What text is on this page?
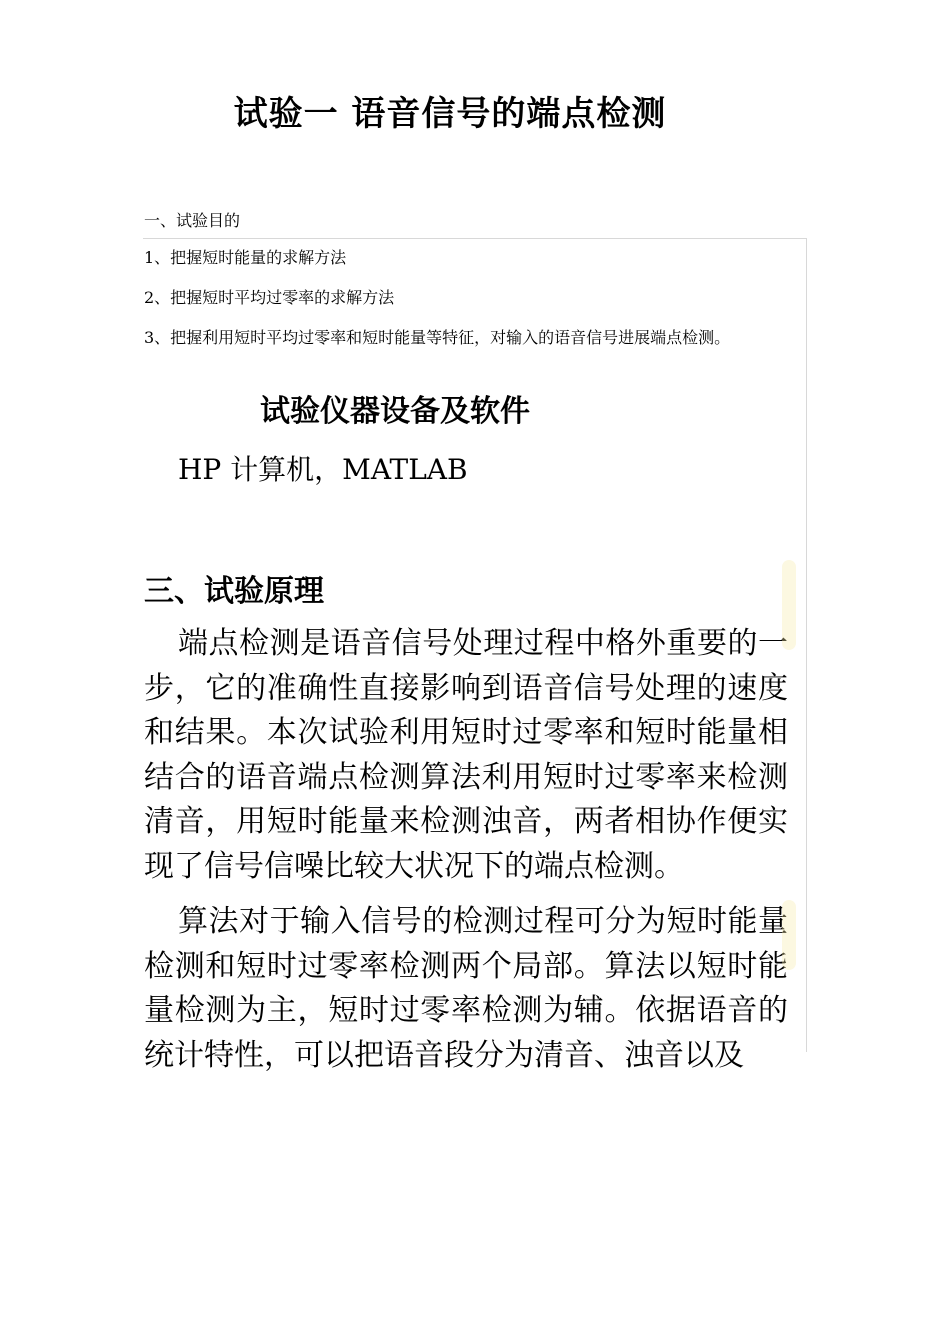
试验一 语音信号的端点检测
一、试验目的
1、把握短时能量的求解方法
2、把握短时平均过零率的求解方法
3、把握利用短时平均过零率和短时能量等特征，对输入的语音信号进展端点检测。
试验仪器设备及软件
HP 计算机，MATLAB
三、试验原理
端点检测是语音信号处理过程中格外重要的一步，它的准确性直接影响到语音信号处理的速度和结果。本次试验利用短时过零率和短时能量相结合的语音端点检测算法利用短时过零率来检测清音，用短时能量来检测浊音，两者相协作便实现了信号信噪比较大状况下的端点检测。
算法对于输入信号的检测过程可分为短时能量检测和短时过零率检测两个局部。算法以短时能量检测为主，短时过零率检测为辅。依据语音的统计特性，可以把语音段分为清音、浊音以及
